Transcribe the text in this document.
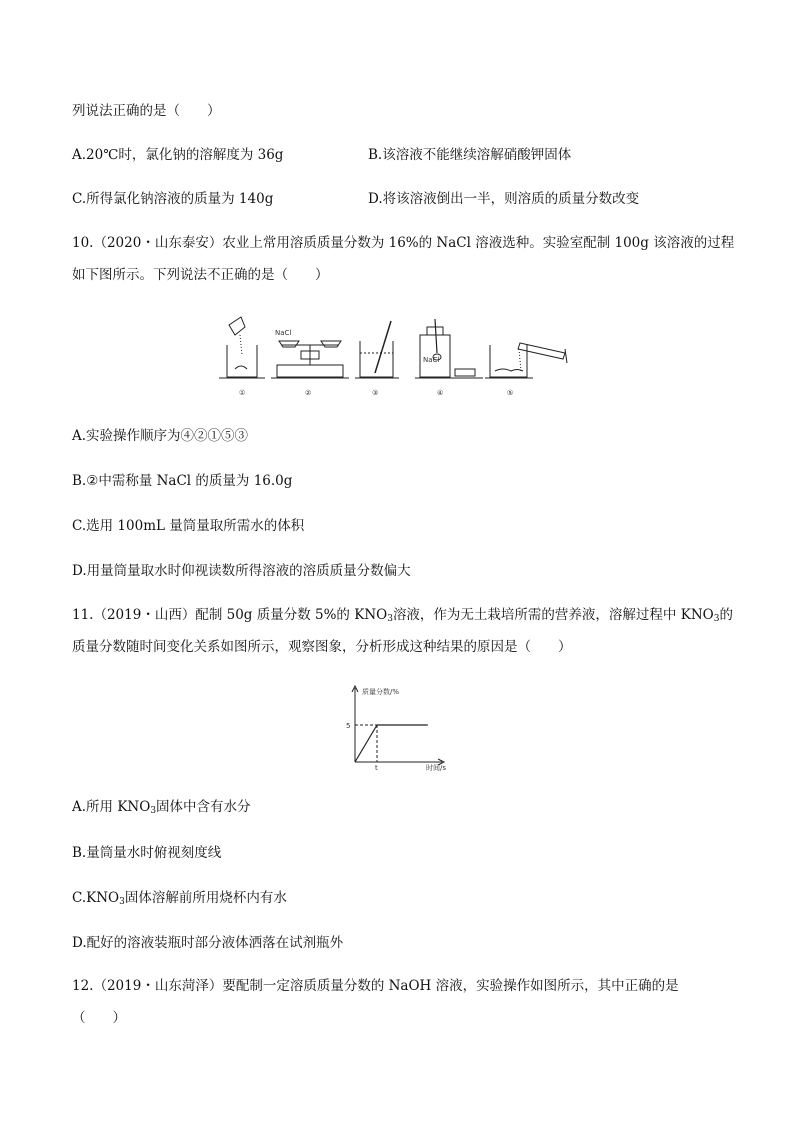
列说法正确的是（　　）
A.20℃时，氯化钠的溶解度为 36g	B.该溶液不能继续溶解硝酸钾固体
C.所得氯化钠溶液的质量为 140g	D.将该溶液倒出一半，则溶质的质量分数改变
10.（2020・山东泰安）农业上常用溶质质量分数为 16%的 NaCl 溶液选种。实验室配制 100g 该溶液的过程
如下图所示。下列说法不正确的是（　　）
NaCl
NaCl
①	②	③	④	⑤
A.实验操作顺序为④②①⑤③
B.②中需称量 NaCl 的质量为 16.0g
C.选用 100mL 量筒量取所需水的体积
D.用量筒量取水时仰视读数所得溶液的溶质质量分数偏大
11.（2019・山西）配制 50g 质量分数 5%的 $KNO_3$溶液，作为无土栽培所需的营养液，溶解过程中 $KNO_3$的
质量分数随时间变化关系如图所示，观察图象，分析形成这种结果的原因是（　　）
质量分数/%
时间/s
5
t
A.所用 $KNO_3$固体中含有水分
B.量筒量水时俯视刻度线
$C.KNO_3$固体溶解前所用烧杯内有水
D.配好的溶液装瓶时部分液体洒落在试剂瓶外
12.（2019・山东菏泽）要配制一定溶质质量分数的 NaOH 溶液，实验操作如图所示，其中正确的是
（　　）
